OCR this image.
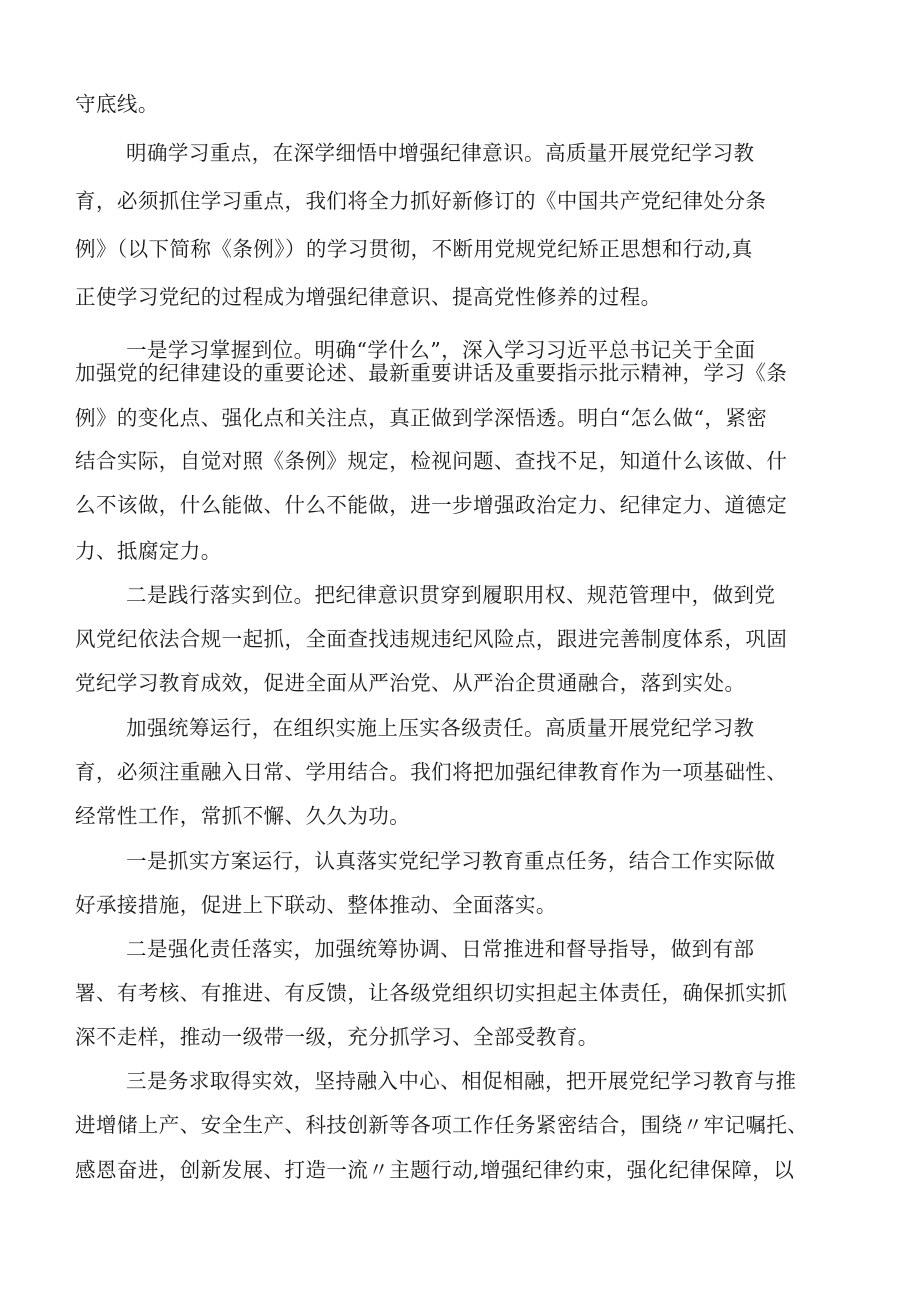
守底线。
明确学习重点，在深学细悟中增强纪律意识。高质量开展党纪学习教
育，必须抓住学习重点，我们将全力抓好新修订的《中国共产党纪律处分条
例》（以下简称《条例》）的学习贯彻，不断用党规党纪矫正思想和行动,真
正使学习党纪的过程成为增强纪律意识、提高党性修养的过程。
一是学习掌握到位。明确“学什么”，深入学习习近平总书记关于全面
加强党的纪律建设的重要论述、最新重要讲话及重要指示批示精神，学习《条
例》的变化点、强化点和关注点，真正做到学深悟透。明白“怎么做“，紧密
结合实际，自觉对照《条例》规定，检视问题、查找不足，知道什么该做、什
么不该做，什么能做、什么不能做，进一步增强政治定力、纪律定力、道德定
力、抵腐定力。
二是践行落实到位。把纪律意识贯穿到履职用权、规范管理中，做到党
风党纪依法合规一起抓，全面查找违规违纪风险点，跟进完善制度体系，巩固
党纪学习教育成效，促进全面从严治党、从严治企贯通融合，落到实处。
加强统筹运行，在组织实施上压实各级责任。高质量开展党纪学习教
育，必须注重融入日常、学用结合。我们将把加强纪律教育作为一项基础性、
经常性工作，常抓不懈、久久为功。
一是抓实方案运行，认真落实党纪学习教育重点任务，结合工作实际做
好承接措施，促进上下联动、整体推动、全面落实。
二是强化责任落实，加强统筹协调、日常推进和督导指导，做到有部
署、有考核、有推进、有反馈，让各级党组织切实担起主体责任，确保抓实抓
深不走样，推动一级带一级，充分抓学习、全部受教育。
三是务求取得实效，坚持融入中心、相促相融，把开展党纪学习教育与推
进增储上产、安全生产、科技创新等各项工作任务紧密结合，围绕〃牢记嘱托、
感恩奋进，创新发展、打造一流〃主题行动,增强纪律约束，强化纪律保障，以
